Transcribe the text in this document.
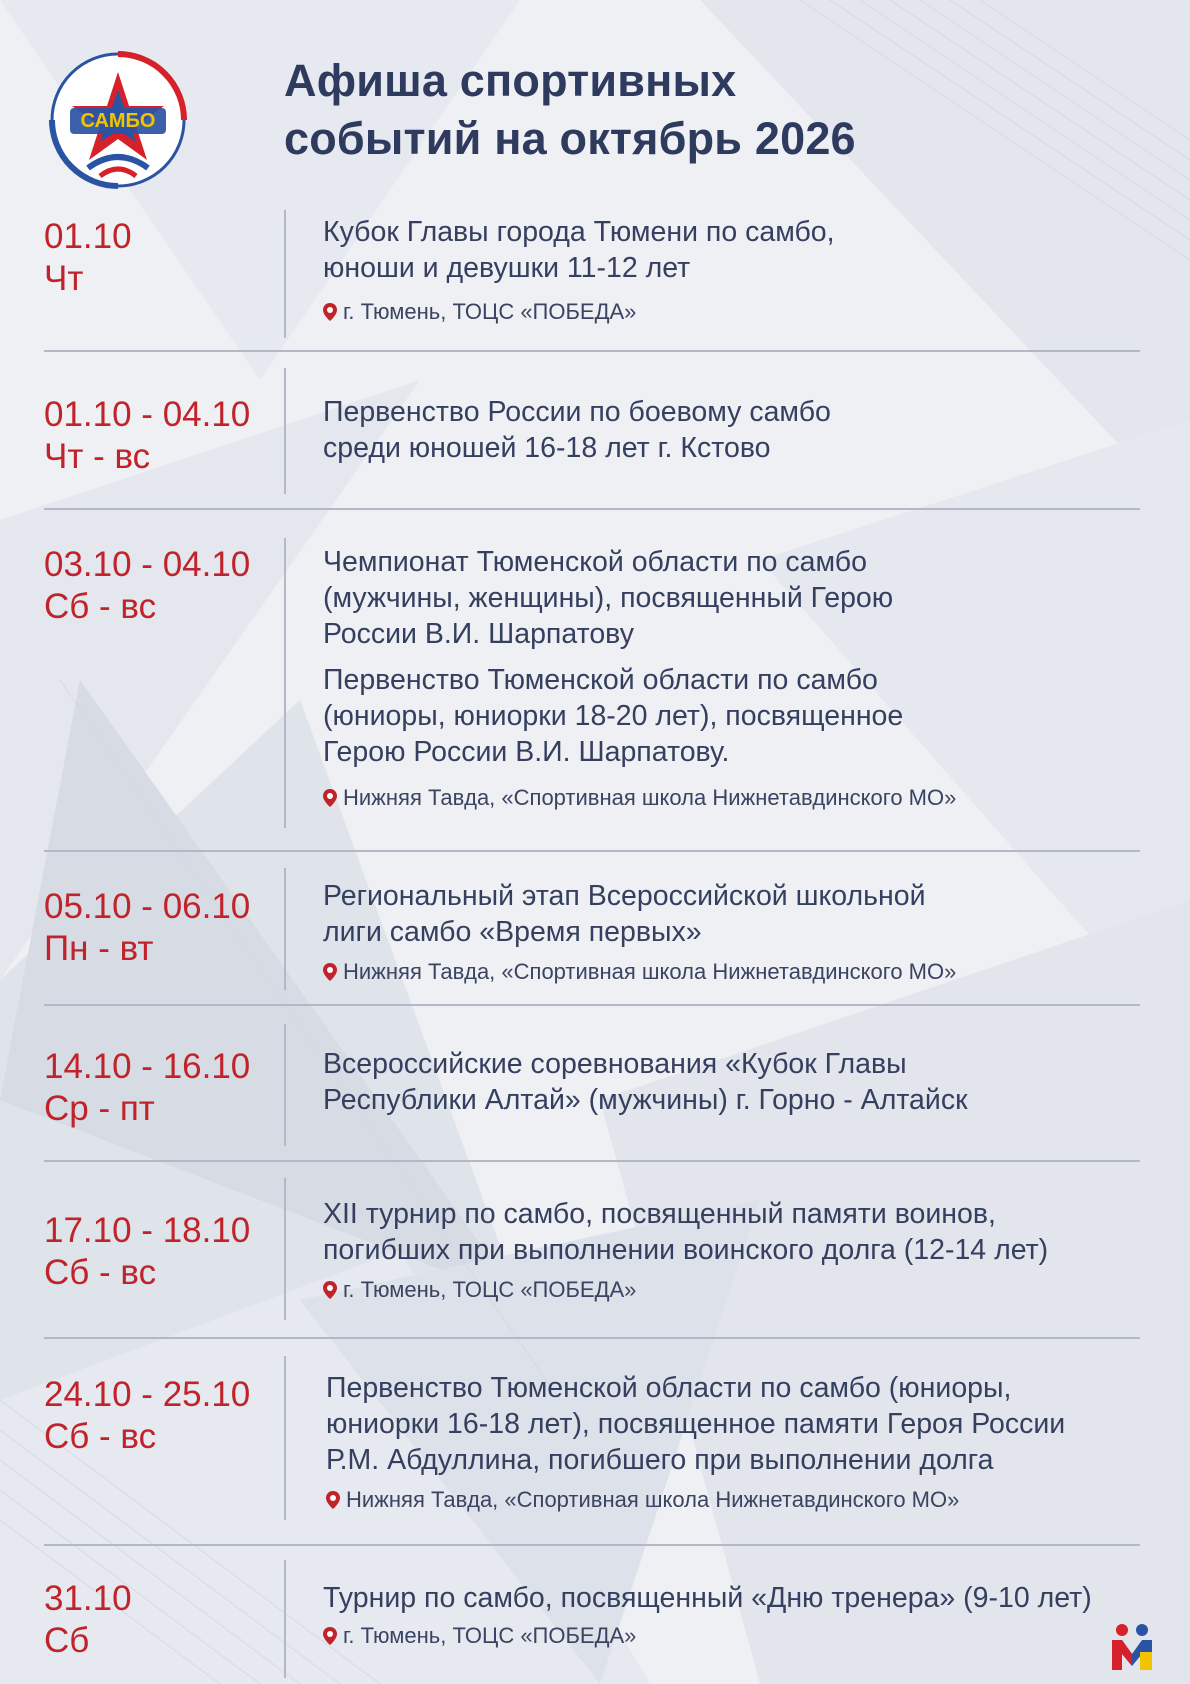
САМБО
Афиша спортивных
событий на октябрь 2026
01.10
Чт
Кубок Главы города Тюмени по самбо,
юноши и девушки 11-12 лет
г. Тюмень, ТОЦС «ПОБЕДА»
01.10 - 04.10
Чт - вс
Первенство России по боевому самбо
среди юношей 16-18 лет г. Кстово
03.10 - 04.10
Сб - вс
Чемпионат Тюменской области по самбо
(мужчины, женщины), посвященный Герою
России В.И. Шарпатову
Первенство Тюменской области по самбо
(юниоры, юниорки 18-20 лет), посвященное
Герою России В.И. Шарпатову.
Нижняя Тавда, «Спортивная школа Нижнетавдинского МО»
05.10 - 06.10
Пн - вт
Региональный этап Всероссийской школьной
лиги самбо «Время первых»
Нижняя Тавда, «Спортивная школа Нижнетавдинского МО»
14.10 - 16.10
Ср - пт
Всероссийские соревнования «Кубок Главы
Республики Алтай» (мужчины) г. Горно - Алтайск
17.10 - 18.10
Сб - вс
XII турнир по самбо, посвященный памяти воинов,
погибших при выполнении воинского долга (12-14 лет)
г. Тюмень, ТОЦС «ПОБЕДА»
24.10 - 25.10
Сб - вс
Первенство Тюменской области по самбо (юниоры,
юниорки 16-18 лет), посвященное памяти Героя России
Р.М. Абдуллина, погибшего при выполнении долга
Нижняя Тавда, «Спортивная школа Нижнетавдинского МО»
31.10
Сб
Турнир по самбо, посвященный «Дню тренера» (9-10 лет)
г. Тюмень, ТОЦС «ПОБЕДА»
